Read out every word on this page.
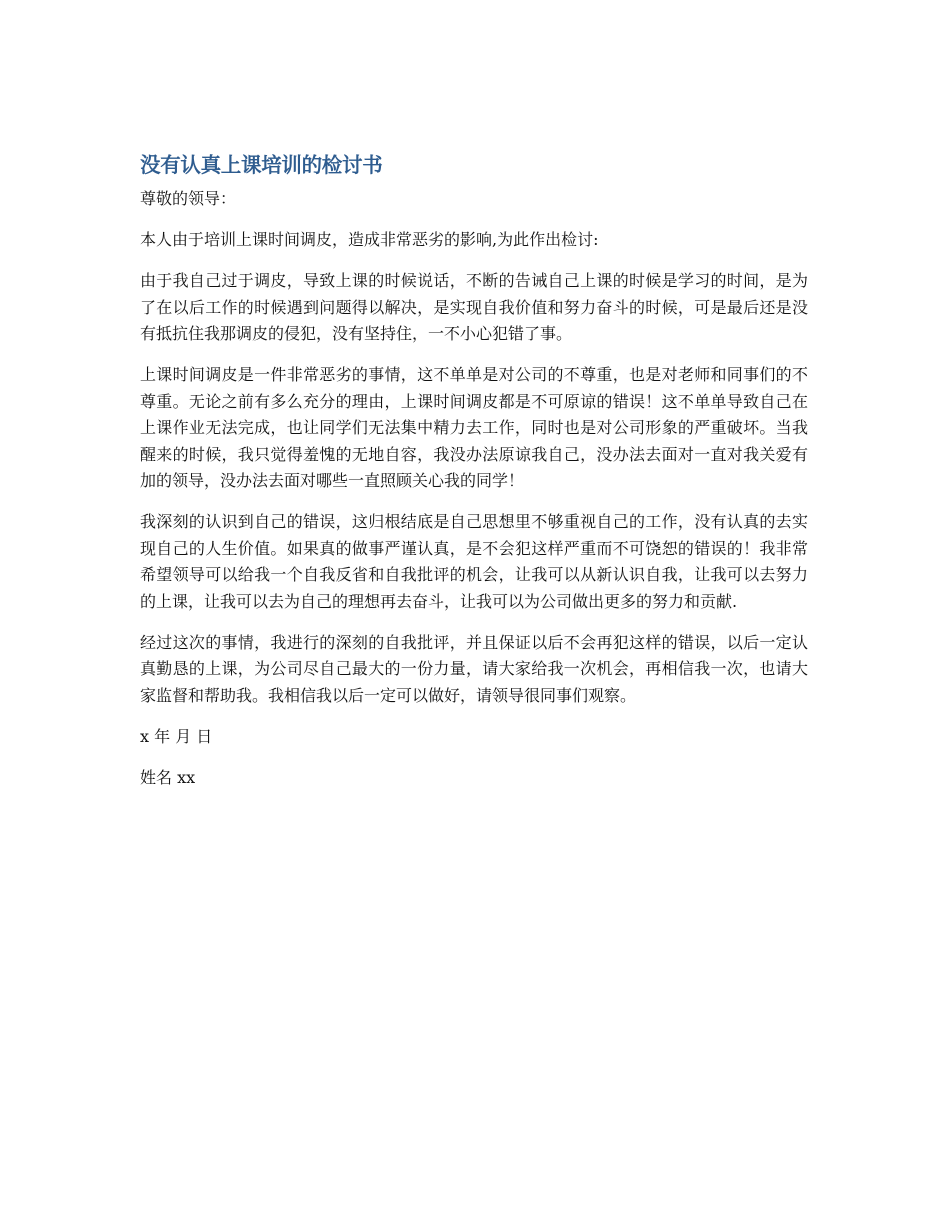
没有认真上课培训的检讨书

尊敬的领导：

本人由于培训上课时间调皮，造成非常恶劣的影响,为此作出检讨:

由于我自己过于调皮，导致上课的时候说话，不断的告诫自己上课的时候是学习的时间，是为了在以后工作的时候遇到问题得以解决，是实现自我价值和努力奋斗的时候，可是最后还是没有抵抗住我那调皮的侵犯，没有坚持住，一不小心犯错了事。

上课时间调皮是一件非常恶劣的事情，这不单单是对公司的不尊重，也是对老师和同事们的不尊重。无论之前有多么充分的理由，上课时间调皮都是不可原谅的错误！这不单单导致自己在上课作业无法完成，也让同学们无法集中精力去工作，同时也是对公司形象的严重破坏。当我醒来的时候，我只觉得羞愧的无地自容，我没办法原谅我自己，没办法去面对一直对我关爱有加的领导，没办法去面对哪些一直照顾关心我的同学！

我深刻的认识到自己的错误，这归根结底是自己思想里不够重视自己的工作，没有认真的去实现自己的人生价值。如果真的做事严谨认真，是不会犯这样严重而不可饶恕的错误的！我非常希望领导可以给我一个自我反省和自我批评的机会，让我可以从新认识自我，让我可以去努力的上课，让我可以去为自己的理想再去奋斗，让我可以为公司做出更多的努力和贡献.

经过这次的事情，我进行的深刻的自我批评，并且保证以后不会再犯这样的错误，以后一定认真勤恳的上课，为公司尽自己最大的一份力量，请大家给我一次机会，再相信我一次，也请大家监督和帮助我。我相信我以后一定可以做好，请领导很同事们观察。

x 年 月 日

姓名 xx
